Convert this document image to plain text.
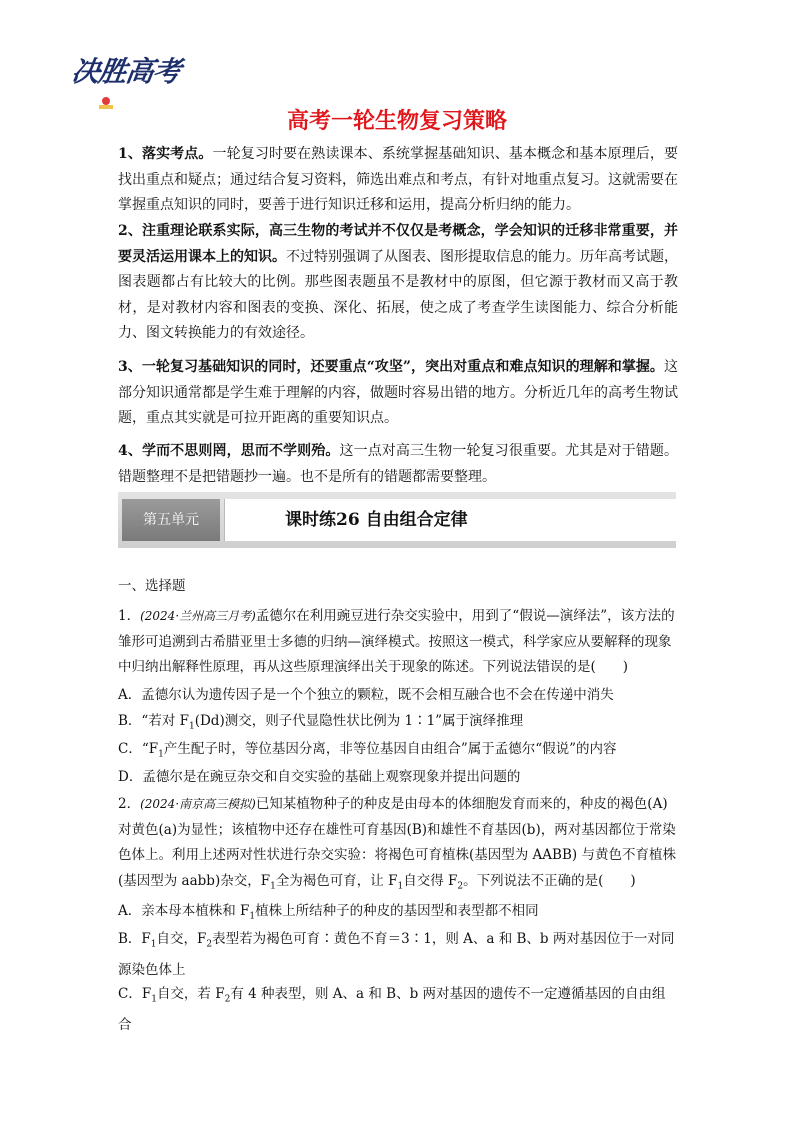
决胜高考
高考一轮生物复习策略
1、落实考点。一轮复习时要在熟读课本、系统掌握基础知识、基本概念和基本原理后，要找出重点和疑点；通过结合复习资料，筛选出难点和考点，有针对地重点复习。这就需要在掌握重点知识的同时，要善于进行知识迁移和运用，提高分析归纳的能力。
2、注重理论联系实际，高三生物的考试并不仅仅是考概念，学会知识的迁移非常重要，并要灵活运用课本上的知识。不过特别强调了从图表、图形提取信息的能力。历年高考试题，图表题都占有比较大的比例。那些图表题虽不是教材中的原图，但它源于教材而又高于教材，是对教材内容和图表的变换、深化、拓展，使之成了考查学生读图能力、综合分析能力、图文转换能力的有效途径。
3、一轮复习基础知识的同时，还要重点“攻坚”，突出对重点和难点知识的理解和掌握。这部分知识通常都是学生难于理解的内容，做题时容易出错的地方。分析近几年的高考生物试题，重点其实就是可拉开距离的重要知识点。
4、学而不思则罔，思而不学则殆。这一点对高三生物一轮复习很重要。尤其是对于错题。错题整理不是把错题抄一遍。也不是所有的错题都需要整理。
第五单元	课时练26 自由组合定律
一、选择题
1．(2024·兰州高三月考)孟德尔在利用豌豆进行杂交实验中，用到了“假说—演绎法”，该方法的雏形可追溯到古希腊亚里士多德的归纳—演绎模式。按照这一模式，科学家应从要解释的现象中归纳出解释性原理，再从这些原理演绎出关于现象的陈述。下列说法错误的是(　　)
A．孟德尔认为遗传因子是一个个独立的颗粒，既不会相互融合也不会在传递中消失
B．“若对 $F_1(Dd)$测交，则子代显隐性状比例为 1∶1”属于演绎推理
C．“$F_1$产生配子时，等位基因分离，非等位基因自由组合”属于孟德尔“假说”的内容
D．孟德尔是在豌豆杂交和自交实验的基础上观察现象并提出问题的
2．(2024·南京高三模拟)已知某植物种子的种皮是由母本的体细胞发育而来的，种皮的褐色(A)对黄色(a)为显性；该植物中还存在雄性可育基因(B)和雄性不育基因(b)，两对基因都位于常染色体上。利用上述两对性状进行杂交实验：将褐色可育植株(基因型为 AABB) 与黄色不育植株(基因型为 aabb)杂交，$F_1$全为褐色可育，让 $F_1$自交得 $F_2$。下列说法不正确的是(　　)
A．亲本母本植株和 $F_1$植株上所结种子的种皮的基因型和表型都不相同
B．$F_1$自交，$F_2$表型若为褐色可育∶黄色不育＝3∶1，则 A、a 和 B、b 两对基因位于一对同源染色体上
C．$F_1$自交，若 $F_2$有 4 种表型，则 A、a 和 B、b 两对基因的遗传不一定遵循基因的自由组合
